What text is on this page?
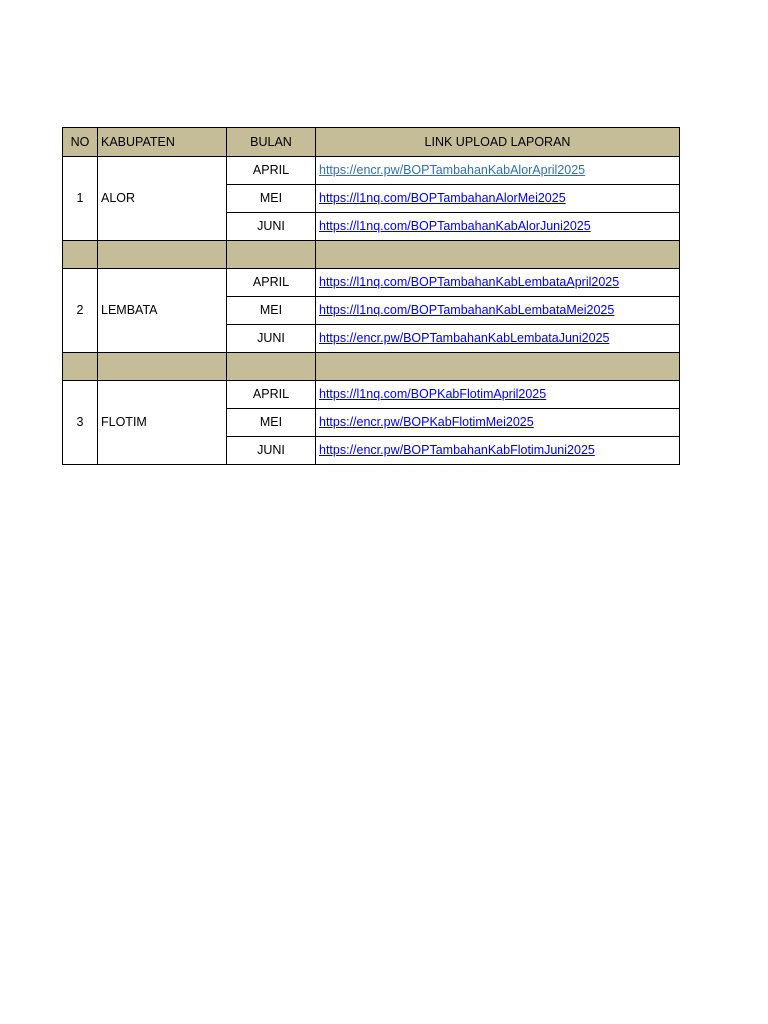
NO	KABUPATEN	BULAN	LINK UPLOAD LAPORAN
1	ALOR	APRIL	https://encr.pw/BOPTambahanKabAlorApril2025
		MEI	https://l1nq.com/BOPTambahanAlorMei2025
		JUNI	https://l1nq.com/BOPTambahanKabAlorJuni2025

2	LEMBATA	APRIL	https://l1nq.com/BOPTambahanKabLembataApril2025
		MEI	https://l1nq.com/BOPTambahanKabLembataMei2025
		JUNI	https://encr.pw/BOPTambahanKabLembataJuni2025

3	FLOTIM	APRIL	https://l1nq.com/BOPKabFlotimApril2025
		MEI	https://encr.pw/BOPKabFlotimMei2025
		JUNI	https://encr.pw/BOPTambahanKabFlotimJuni2025
